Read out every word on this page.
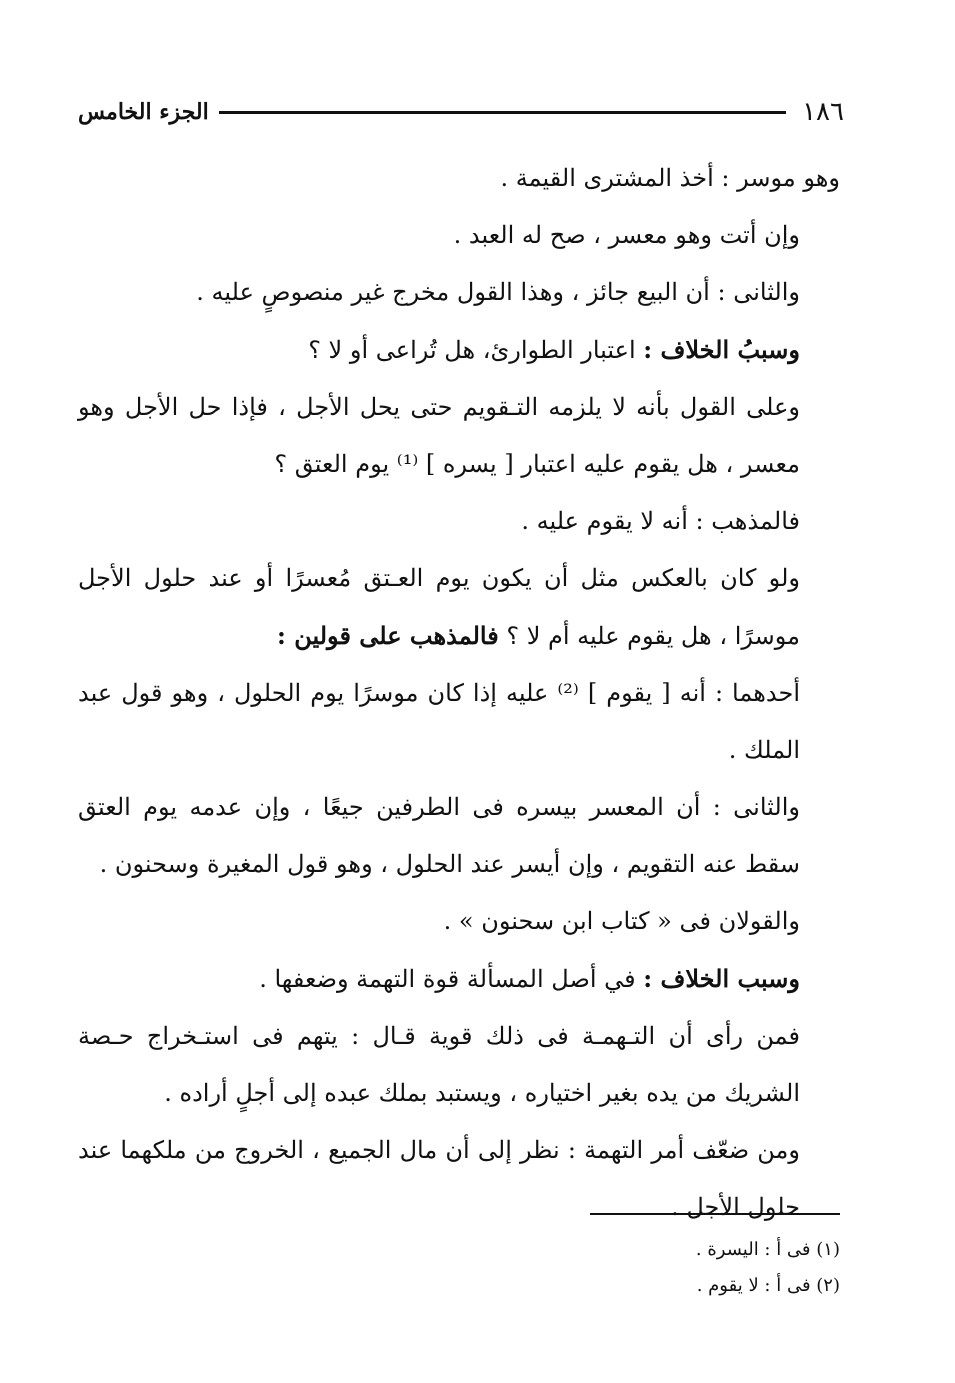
١٨٦
الجزء الخامس

وهو موسر : أخذ المشترى القيمة .

وإن أتت وهو معسر ، صح له العبد .

والثانى : أن البيع جائز ، وهذا القول مخرج غير منصوصٍ عليه .

وسببُ الخلاف : اعتبار الطوارئ، هل تُراعى أو لا ؟

وعلى القول بأنه لا يلزمه التـقويم حتى يحل الأجل ، فإذا حل الأجل وهو معسر ، هل يقوم عليه اعتبار [ يسره ] ⁽¹⁾ يوم العتق ؟

فالمذهب : أنه لا يقوم عليه .

ولو كان بالعكس مثل أن يكون يوم العـتق مُعسرًا أو عند حلول الأجل موسرًا ، هل يقوم عليه أم لا ؟ فالمذهب على قولين :

أحدهما : أنه [ يقوم ] ⁽²⁾ عليه إذا كان موسرًا يوم الحلول ، وهو قول عبد الملك .

والثانى : أن المعسر بيسره فى الطرفين جيعًا ، وإن عدمه يوم العتق سقط عنه التقويم ، وإن أيسر عند الحلول ، وهو قول المغيرة وسحنون .

والقولان فى « كتاب ابن سحنون » .

وسبب الخلاف : في أصل المسألة قوة التهمة وضعفها .

فمن رأى أن التـهمـة فى ذلك قوية قـال : يتهم فى استـخراج حـصة الشريك من يده بغير اختياره ، ويستبد بملك عبده إلى أجلٍ أراده .

ومن ضعّف أمر التهمة : نظر إلى أن مال الجميع ، الخروج من ملكهما عند حلول الأجل .

(١) فى أ : اليسرة .

(٢) فى أ : لا يقوم .
